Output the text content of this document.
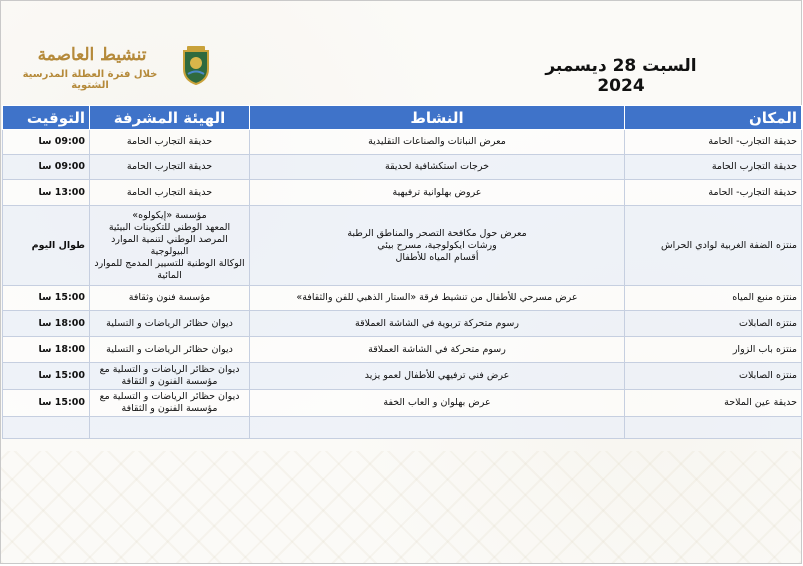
تنشيط العاصمة
خلال فترة العطلة المدرسية الشتوية
السبت 28 ديسمبر 2024
المكان	النشاط	الهيئة المشرفة	التوقيت
حديقة التجارب- الحامة	معرض النباتات والصناعات التقليدية	حديقة التجارب الحامة	09:00 سا
حديقة التجارب الحامة	خرجات استكشافية لحديقة	حديقة التجارب الحامة	09:00 سا
حديقة التجارب- الحامة	عروض بهلوانية ترفيهية	حديقة التجارب الحامة	13:00 سا
منتزه الضفة الغربية لوادي الحراش	معرض حول مكافحة التصحر والمناطق الرطبة
ورشات ايكولوجية، مسرح بيئي
أقسام المياه للأطفال	مؤسسة «إيكولوه»
المعهد الوطني للتكوينات البيئية
المرصد الوطني لتنمية الموارد البيولوجية
الوكالة الوطنية للتسيير المدمج للموارد المائية	طوال اليوم
منتزه منبع المياه	عرض مسرحي للأطفال من تنشيط فرقة «الستار الذهبي للفن والثقافة»	مؤسسة فنون وثقافة	15:00 سا
منتزه الصابلات	رسوم متحركة تربوية في الشاشة العملاقة	ديوان حظائر الرياضات و التسلية	18:00 سا
منتزه باب الزوار	رسوم متحركة في الشاشة العملاقة	ديوان حظائر الرياضات و التسلية	18:00 سا
منتزه الصابلات	عرض فني ترفيهي للأطفال لعمو يزيد	ديوان حظائر الرياضات و التسلية مع مؤسسة الفنون و الثقافة	15:00 سا
حديقة عين الملاحة	عرض بهلوان و العاب الخفة	ديوان حظائر الرياضات و التسلية مع مؤسسة الفنون و الثقافة	15:00 سا
